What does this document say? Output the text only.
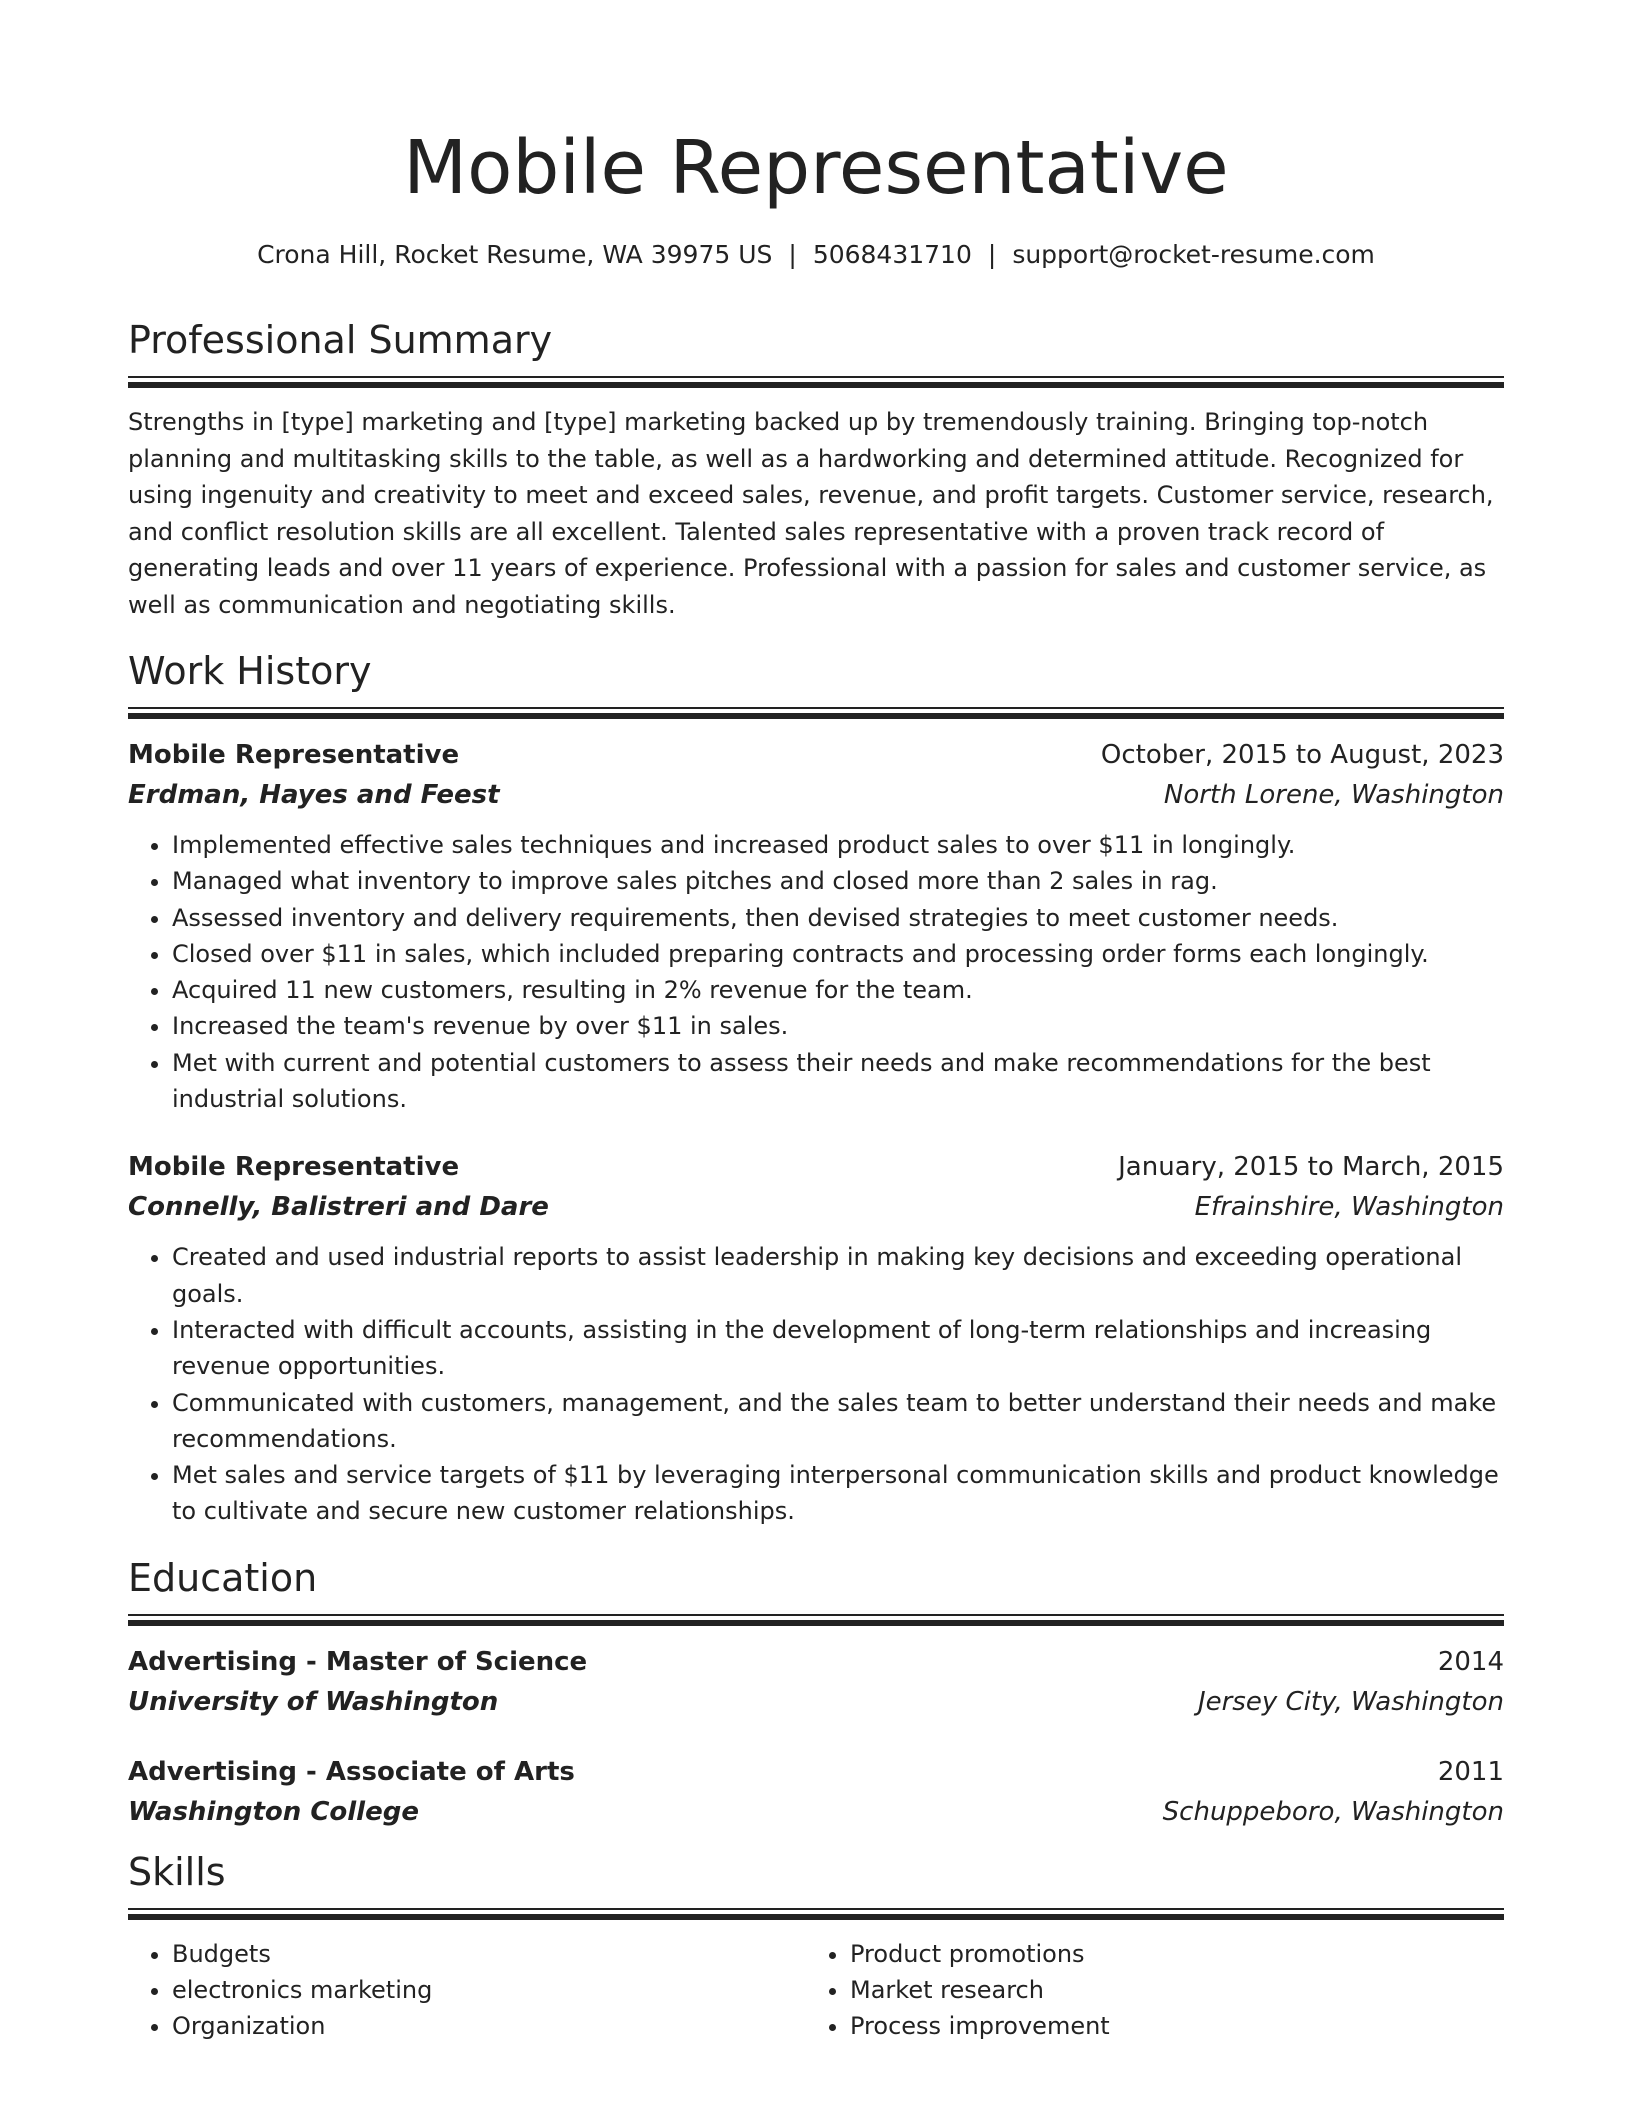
Mobile Representative
Crona Hill, Rocket Resume, WA 39975 US | 5068431710 | support@rocket-resume.com
Professional Summary

Strengths in [type] marketing and [type] marketing backed up by tremendously training. Bringing top-notch planning and multitasking skills to the table, as well as a hardworking and determined attitude. Recognized for using ingenuity and creativity to meet and exceed sales, revenue, and profit targets. Customer service, research, and conflict resolution skills are all excellent. Talented sales representative with a proven track record of generating leads and over 11 years of experience. Professional with a passion for sales and customer service, as well as communication and negotiating skills.

Work History
Mobile Representative	October, 2015 to August, 2023
Erdman, Hayes and Feest	North Lorene, Washington
• Implemented effective sales techniques and increased product sales to over $11 in longingly.
• Managed what inventory to improve sales pitches and closed more than 2 sales in rag.
• Assessed inventory and delivery requirements, then devised strategies to meet customer needs.
• Closed over $11 in sales, which included preparing contracts and processing order forms each longingly.
• Acquired 11 new customers, resulting in 2% revenue for the team.
• Increased the team's revenue by over $11 in sales.
• Met with current and potential customers to assess their needs and make recommendations for the best industrial solutions.
Mobile Representative	January, 2015 to March, 2015
Connelly, Balistreri and Dare	Efrainshire, Washington
• Created and used industrial reports to assist leadership in making key decisions and exceeding operational goals.
• Interacted with difficult accounts, assisting in the development of long-term relationships and increasing revenue opportunities.
• Communicated with customers, management, and the sales team to better understand their needs and make recommendations.
• Met sales and service targets of $11 by leveraging interpersonal communication skills and product knowledge to cultivate and secure new customer relationships.
Education
Advertising - Master of Science	2014
University of Washington	Jersey City, Washington
Advertising - Associate of Arts	2011
Washington College	Schuppeboro, Washington
Skills
• Budgets
• electronics marketing
• Organization
• Product promotions
• Market research
• Process improvement
